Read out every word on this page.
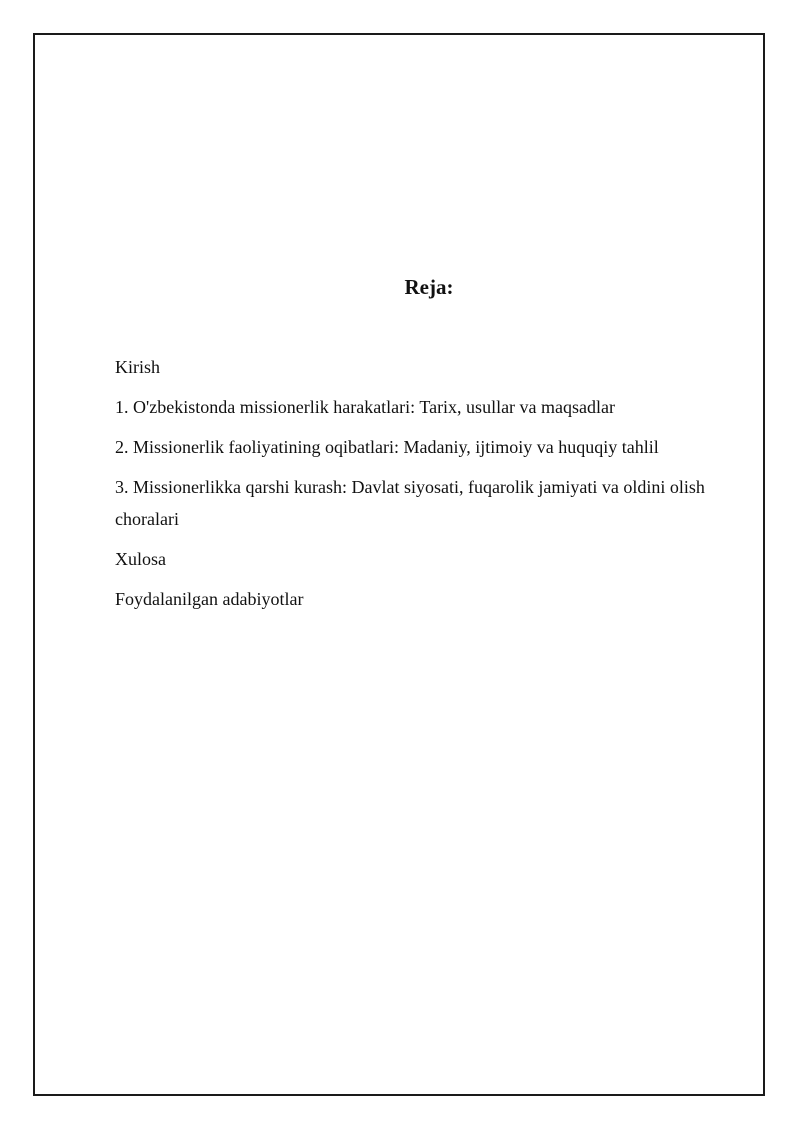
Reja:
Kirish
1. O'zbekistonda missionerlik harakatlari: Tarix, usullar va maqsadlar
2. Missionerlik faoliyatining oqibatlari: Madaniy, ijtimoiy va huquqiy tahlil
3. Missionerlikka qarshi kurash: Davlat siyosati, fuqarolik jamiyati va oldini olish choralari
Xulosa
Foydalanilgan adabiyotlar
